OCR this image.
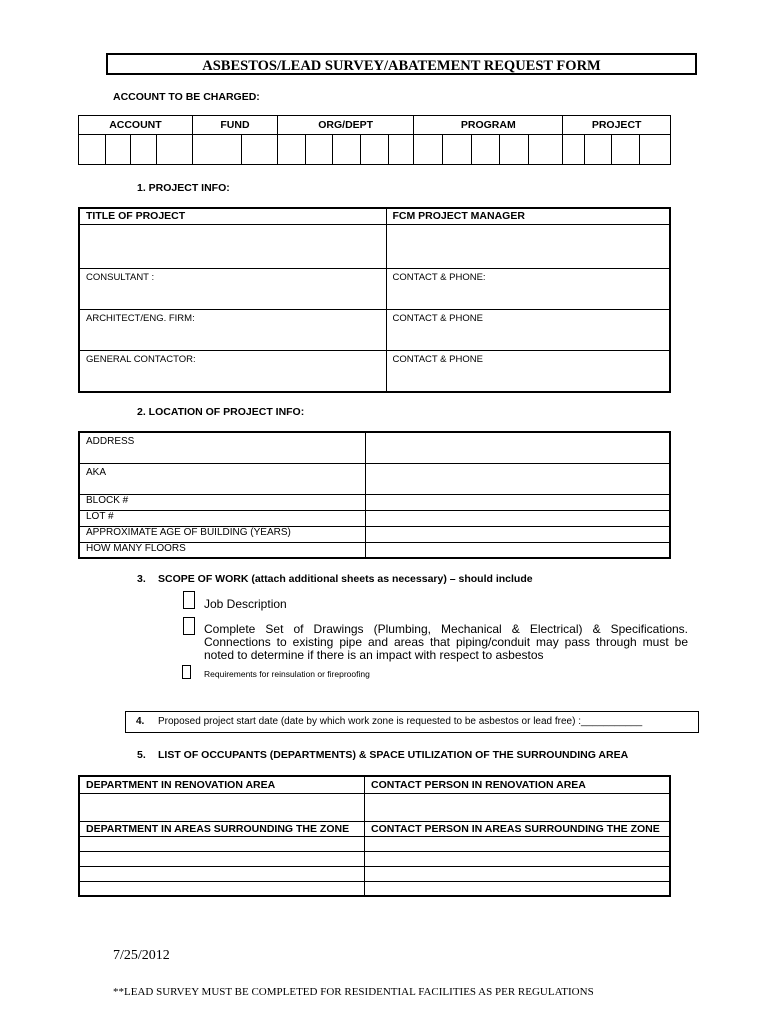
ASBESTOS/LEAD SURVEY/ABATEMENT REQUEST FORM
ACCOUNT TO BE CHARGED:
ACCOUNT				FUND		ORG/DEPT					PROGRAM					PROJECT			

1. PROJECT INFO:
TITLE OF PROJECT	FCM PROJECT MANAGER

CONSULTANT :	CONTACT & PHONE:
ARCHITECT/ENG. FIRM:	CONTACT & PHONE
GENERAL CONTACTOR:	CONTACT & PHONE
2. LOCATION OF PROJECT INFO:
ADDRESS	
AKA	
BLOCK #	
LOT #	
APPROXIMATE AGE OF BUILDING (YEARS)	
HOW MANY FLOORS	
3. SCOPE OF WORK (attach additional sheets as necessary) – should include
Job Description
Complete Set of Drawings (Plumbing, Mechanical & Electrical) & Specifications. Connections to existing pipe and areas that piping/conduit may pass through must be noted to determine if there is an impact with respect to asbestos
Requirements for reinsulation or fireproofing
4. Proposed project start date (date by which work zone is requested to be asbestos or lead free) :___________
5. LIST OF OCCUPANTS (DEPARTMENTS) & SPACE UTILIZATION OF THE SURROUNDING AREA
DEPARTMENT IN RENOVATION AREA	CONTACT PERSON IN RENOVATION AREA

DEPARTMENT IN AREAS SURROUNDING THE ZONE	CONTACT PERSON IN AREAS SURROUNDING THE ZONE

7/25/2012
**LEAD SURVEY MUST BE COMPLETED FOR RESIDENTIAL FACILITIES AS PER REGULATIONS
